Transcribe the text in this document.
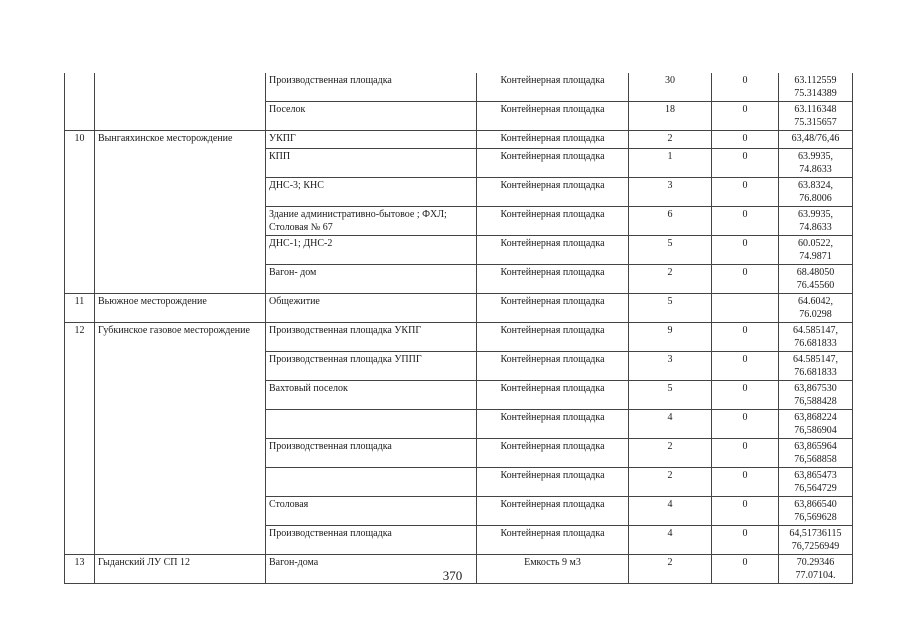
		Производственная площадка	Контейнерная площадка	30	0	63.112559 75.314389
		Поселок	Контейнерная площадка	18	0	63.116348 75.315657
10	Вынгаяхинское месторождение	УКПГ	Контейнерная площадка	2	0	63,48/76,46
		КПП	Контейнерная площадка	1	0	63.9935, 74.8633
		ДНС-3; КНС	Контейнерная площадка	3	0	63.8324, 76.8006
		Здание административно-бытовое ; ФХЛ; Столовая № 67	Контейнерная площадка	6	0	63.9935, 74.8633
		ДНС-1; ДНС-2	Контейнерная площадка	5	0	60.0522, 74.9871
		Вагон- дом	Контейнерная площадка	2	0	68.48050 76.45560
11	Вьюжное месторождение	Общежитие	Контейнерная площадка	5		64.6042, 76.0298
12	Губкинское газовое месторождение	Производственная площадка УКПГ	Контейнерная площадка	9	0	64.585147, 76.681833
		Производственная площадка УППГ	Контейнерная площадка	3	0	64.585147, 76.681833
		Вахтовый поселок	Контейнерная площадка	5	0	63,867530 76,588428
			Контейнерная площадка	4	0	63,868224 76,586904
		Производственная площадка	Контейнерная площадка	2	0	63,865964 76,568858
			Контейнерная площадка	2	0	63,865473 76,564729
		Столовая	Контейнерная площадка	4	0	63,866540 76,569628
		Производственная площадка	Контейнерная площадка	4	0	64,51736115 76,7256949
13	Гыданский ЛУ СП 12	Вагон-дома	Емкость 9 м3	2	0	70.29346 77.07104.
370
